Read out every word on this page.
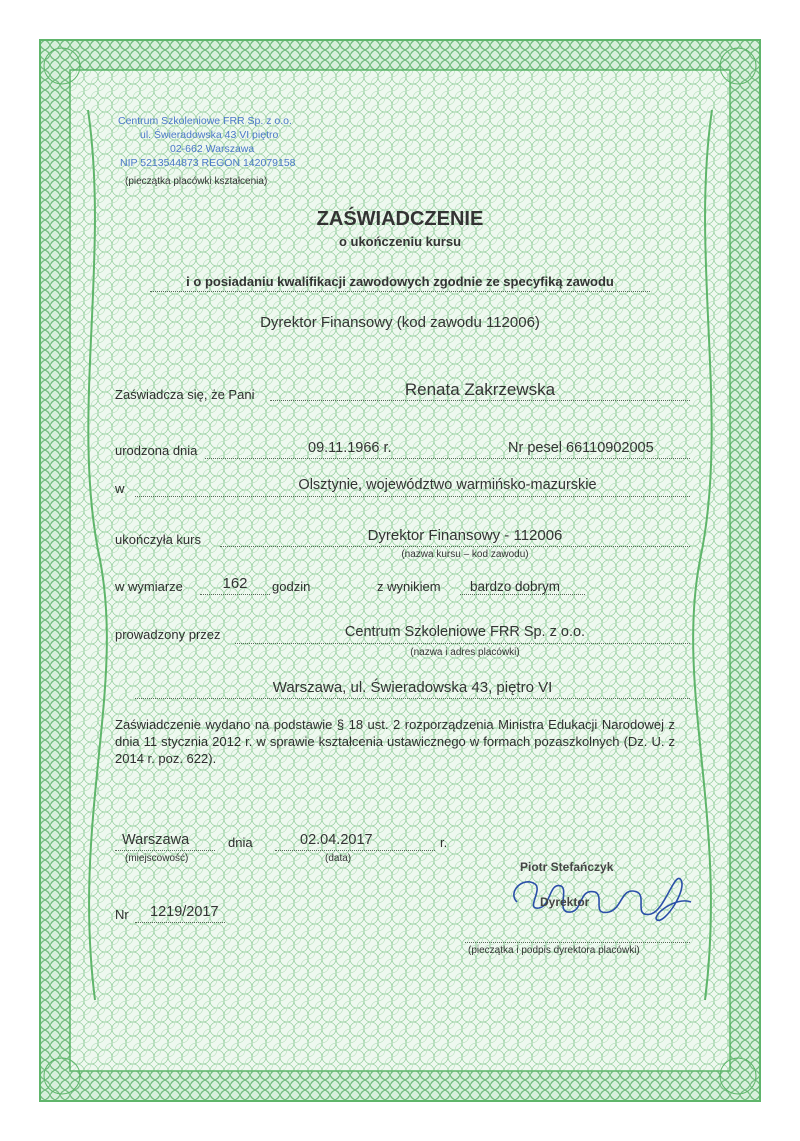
Centrum Szkoleniowe FRR Sp. z o.o.
ul. Świeradowska 43 VI piętro
02-662 Warszawa
NIP 5213544873 REGON 142079158
(pieczątka placówki kształcenia)
ZAŚWIADCZENIE
o ukończeniu kursu
i o posiadaniu kwalifikacji zawodowych zgodnie ze specyfiką zawodu
Dyrektor Finansowy (kod zawodu 112006)
Zaświadcza się, że Pani	Renata Zakrzewska
urodzona dnia	09.11.1966 r.	Nr pesel 66110902005
w	Olsztynie, województwo warmińsko-mazurskie
ukończyła kurs	Dyrektor Finansowy - 112006
(nazwa kursu – kod zawodu)
w wymiarze	162	godzin	z wynikiem bardzo dobrym
prowadzony przez	Centrum Szkoleniowe FRR Sp. z o.o.
(nazwa i adres placówki)
Warszawa, ul. Świeradowska 43, piętro VI
Zaświadczenie wydano na podstawie § 18 ust. 2 rozporządzenia Ministra Edukacji Narodowej z dnia 11 stycznia 2012 r. w sprawie kształcenia ustawicznego w formach pozaszkolnych (Dz. U. z 2014 r. poz. 622).
Warszawa
(miejscowość)
dnia	02.04.2017
(data)
r.
Nr 1219/2017
Piotr Stefańczyk
Dyrektor
(pieczątka i podpis dyrektora placówki)
